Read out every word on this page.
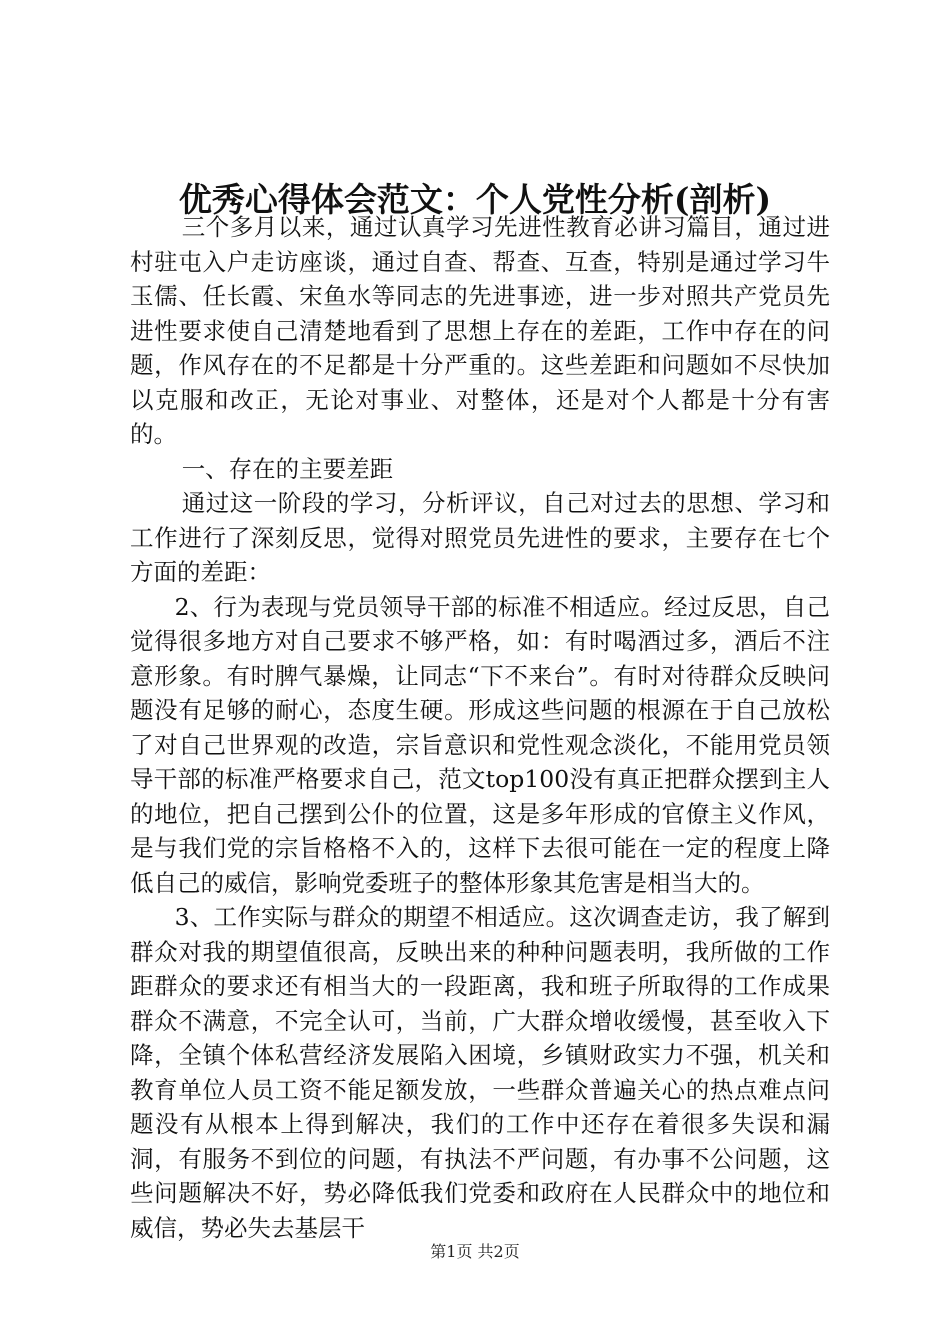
优秀心得体会范文：个人党性分析(剖析)

三个多月以来，通过认真学习先进性教育必讲习篇目，通过进村驻屯入户走访座谈，通过自查、帮查、互查，特别是通过学习牛玉儒、任长霞、宋鱼水等同志的先进事迹，进一步对照共产党员先进性要求使自己清楚地看到了思想上存在的差距，工作中存在的问题，作风存在的不足都是十分严重的。这些差距和问题如不尽快加以克服和改正，无论对事业、对整体，还是对个人都是十分有害的。

一、存在的主要差距

通过这一阶段的学习，分析评议，自己对过去的思想、学习和工作进行了深刻反思，觉得对照党员先进性的要求，主要存在七个方面的差距：

2、行为表现与党员领导干部的标准不相适应。经过反思，自己觉得很多地方对自己要求不够严格，如：有时喝酒过多，酒后不注意形象。有时脾气暴燥，让同志“下不来台”。有时对待群众反映问题没有足够的耐心，态度生硬。形成这些问题的根源在于自己放松了对自己世界观的改造，宗旨意识和党性观念淡化，不能用党员领导干部的标准严格要求自己，范文top100没有真正把群众摆到主人的地位，把自己摆到公仆的位置，这是多年形成的官僚主义作风，是与我们党的宗旨格格不入的，这样下去很可能在一定的程度上降低自己的威信，影响党委班子的整体形象其危害是相当大的。

3、工作实际与群众的期望不相适应。这次调查走访，我了解到群众对我的期望值很高，反映出来的种种问题表明，我所做的工作距群众的要求还有相当大的一段距离，我和班子所取得的工作成果群众不满意，不完全认可，当前，广大群众增收缓慢，甚至收入下降，全镇个体私营经济发展陷入困境，乡镇财政实力不强，机关和教育单位人员工资不能足额发放，一些群众普遍关心的热点难点问题没有从根本上得到解决，我们的工作中还存在着很多失误和漏洞，有服务不到位的问题，有执法不严问题，有办事不公问题，这些问题解决不好，势必降低我们党委和政府在人民群众中的地位和威信，势必失去基层干

第1页 共2页
